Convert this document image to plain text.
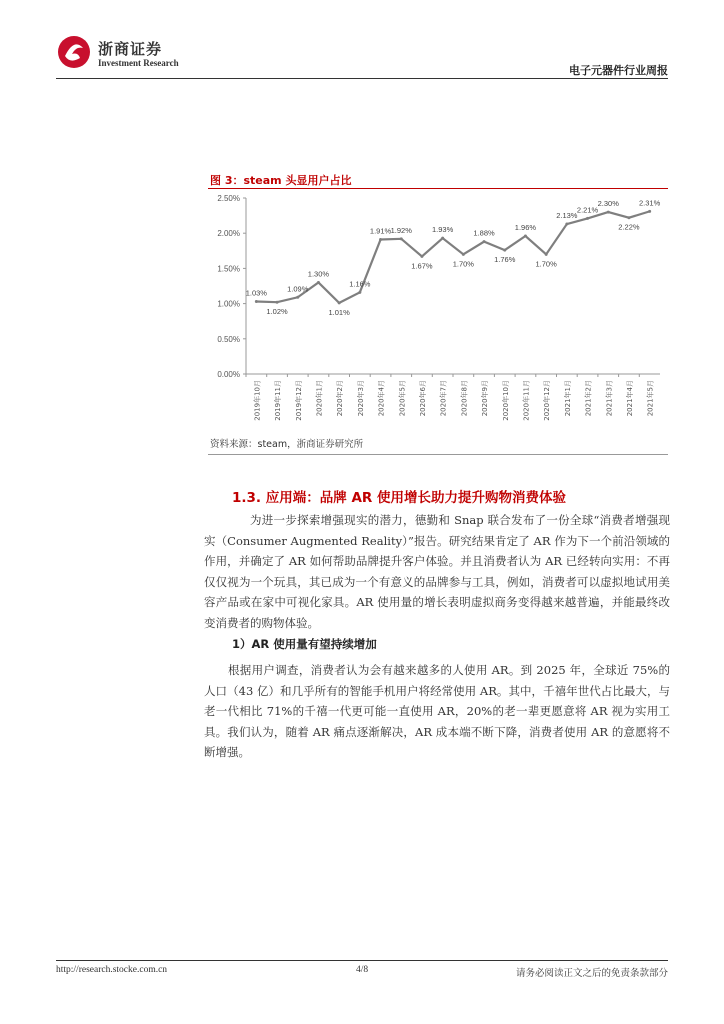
浙商证券
Investment Research
电子元器件行业周报
图 3：steam 头显用户占比
0.00%
0.50%
1.00%
1.50%
2.00%
2.50%
2019年10月 2019年11月 2019年12月 2020年1月 2020年2月 2020年3月 2020年4月 2020年5月 2020年6月 2020年7月 2020年8月 2020年9月 2020年10月 2020年11月 2020年12月 2021年1月 2021年2月 2021年3月 2021年4月 2021年5月
1.03%
1.02%
1.09%
1.30%
1.01%
1.16%
1.91% 1.92%
1.67%
1.93%
1.70%
1.88%
1.76%
1.96%
1.70%
2.13%
2.21%
2.30%
2.22%
2.31%
资料来源：steam，浙商证券研究所
1.3. 应用端：品牌 AR 使用增长助力提升购物消费体验
为进一步探索增强现实的潜力，德勤和 Snap 联合发布了一份全球“消费者增强现实（Consumer Augmented Reality）”报告。研究结果肯定了 AR 作为下一个前沿领域的作用，并确定了 AR 如何帮助品牌提升客户体验。并且消费者认为 AR 已经转向实用：不再仅仅视为一个玩具，其已成为一个有意义的品牌参与工具，例如，消费者可以虚拟地试用美容产品或在家中可视化家具。AR 使用量的增长表明虚拟商务变得越来越普遍，并能最终改变消费者的购物体验。
1）AR 使用量有望持续增加
根据用户调查，消费者认为会有越来越多的人使用 AR。到 2025 年，全球近 75%的人口（43 亿）和几乎所有的智能手机用户将经常使用 AR。其中，千禧年世代占比最大，与老一代相比 71%的千禧一代更可能一直使用 AR，20%的老一辈更愿意将 AR 视为实用工具。我们认为，随着 AR 痛点逐渐解决，AR 成本端不断下降，消费者使用 AR 的意愿将不断增强。
http://research.stocke.com.cn	4/8	请务必阅读正文之后的免责条款部分
